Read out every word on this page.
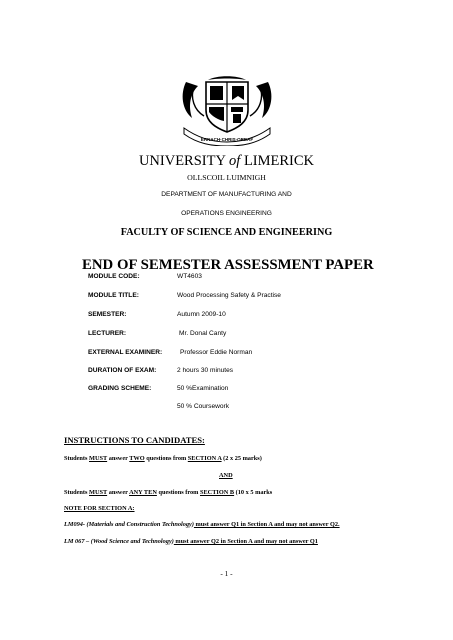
ERNACH·CHRIS·ORDAF
UNIVERSITY of LIMERICK
OLLSCOIL LUIMNIGH
DEPARTMENT OF MANUFACTURING AND
OPERATIONS ENGINEERING
FACULTY OF SCIENCE AND ENGINEERING
END OF SEMESTER ASSESSMENT PAPER
MODULE CODE:	WT4603
MODULE TITLE:	Wood Processing Safety & Practise
SEMESTER:	Autumn 2009-10
LECTURER:	Mr. Donal Canty
EXTERNAL EXAMINER:	Professor Eddie Norman
DURATION OF EXAM:	2 hours 30 minutes
GRADING SCHEME:	50 %Examination
50 % Coursework
INSTRUCTIONS TO CANDIDATES:
Students MUST answer TWO questions from SECTION A (2 x 25 marks)
AND
Students MUST answer ANY TEN questions from SECTION B (10 x 5 marks
NOTE FOR SECTION A:
LM094- (Materials and Construction Technology) must answer Q1 in Section A and may not answer Q2.
LM 067 – (Wood Science and Technology) must answer Q2 in Section A and may not answer Q1
- 1 -
